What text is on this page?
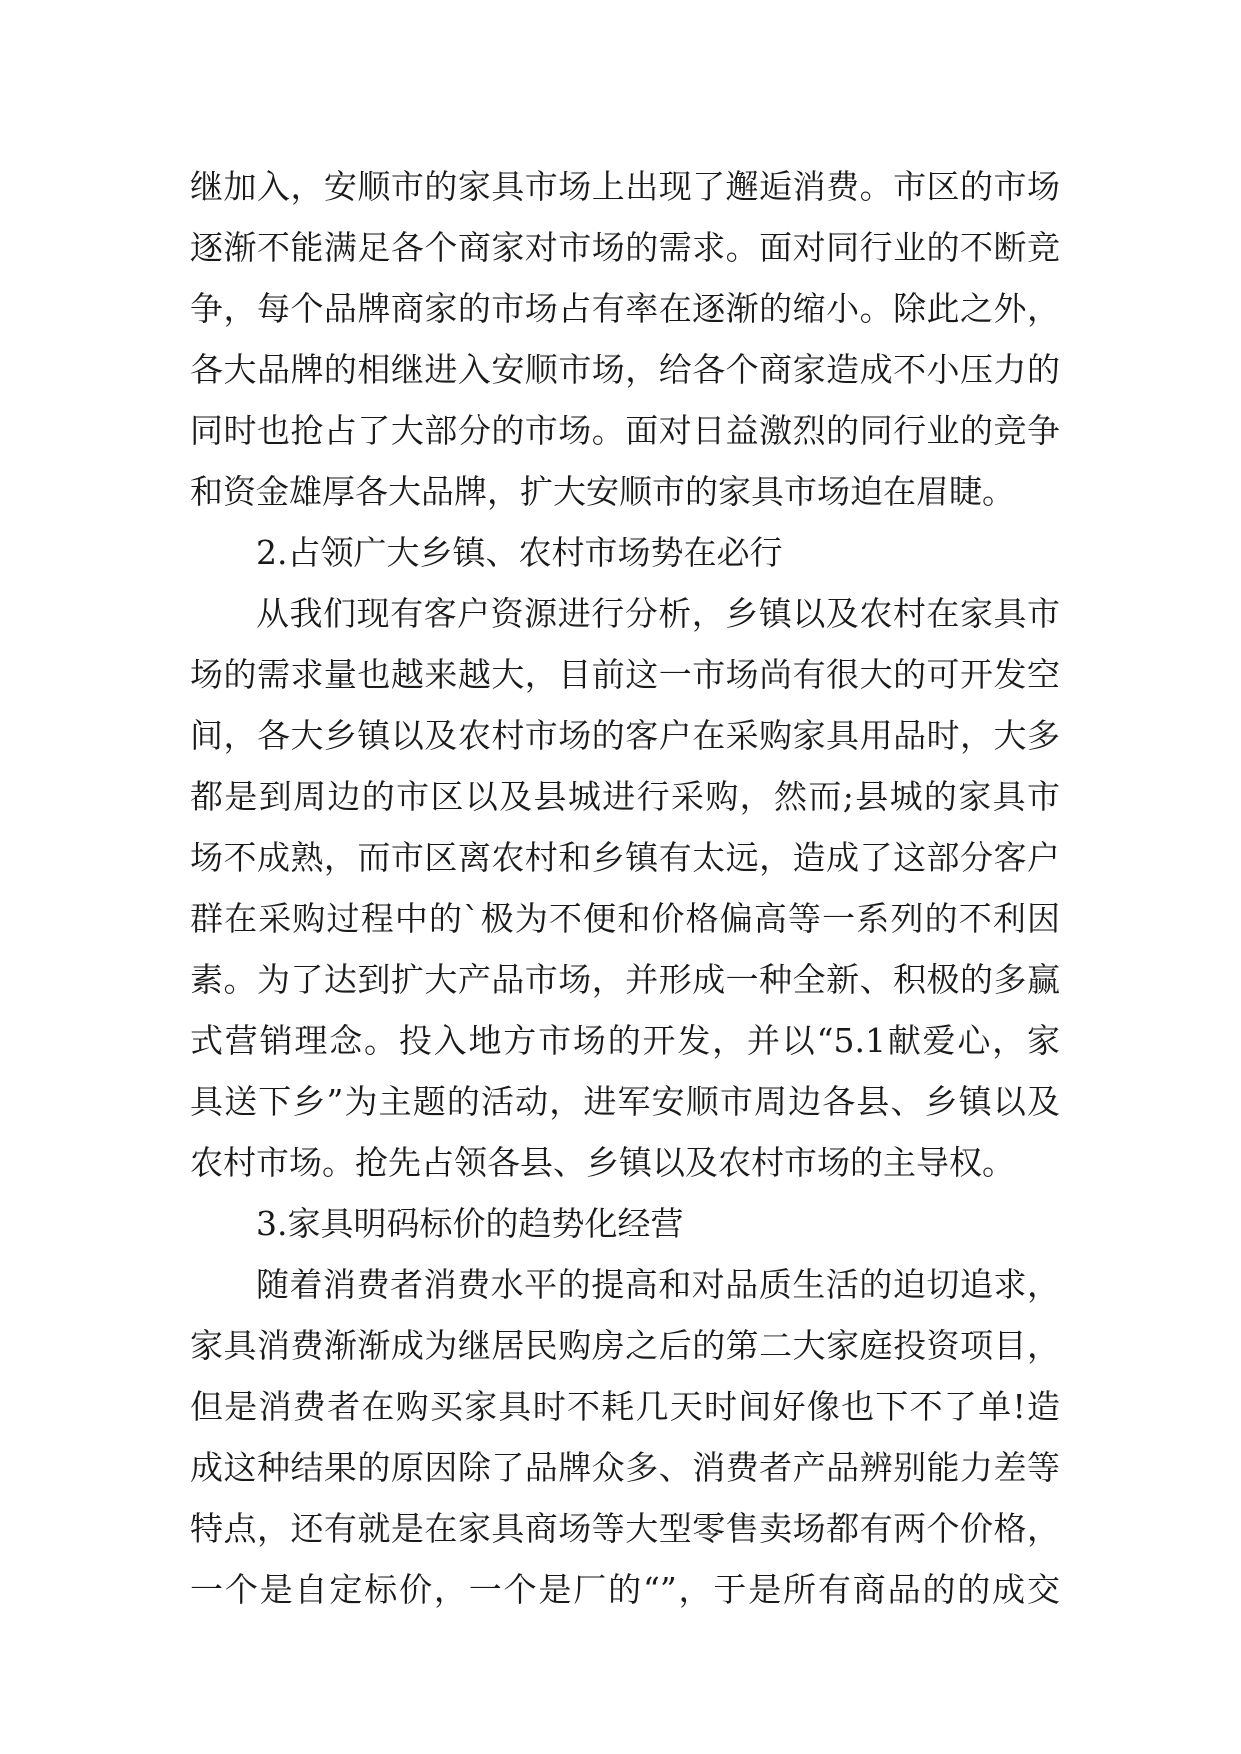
继加入，安顺市的家具市场上出现了邂逅消费。市区的市场
逐渐不能满足各个商家对市场的需求。面对同行业的不断竞
争，每个品牌商家的市场占有率在逐渐的缩小。除此之外，
各大品牌的相继进入安顺市场，给各个商家造成不小压力的
同时也抢占了大部分的市场。面对日益激烈的同行业的竞争
和资金雄厚各大品牌，扩大安顺市的家具市场迫在眉睫。
2.占领广大乡镇、农村市场势在必行
从我们现有客户资源进行分析，乡镇以及农村在家具市
场的需求量也越来越大，目前这一市场尚有很大的可开发空
间，各大乡镇以及农村市场的客户在采购家具用品时，大多
都是到周边的市区以及县城进行采购，然而;县城的家具市
场不成熟，而市区离农村和乡镇有太远，造成了这部分客户
群在采购过程中的`极为不便和价格偏高等一系列的不利因
素。为了达到扩大产品市场，并形成一种全新、积极的多赢
式营销理念。投入地方市场的开发，并以“5.1献爱心，家
具送下乡”为主题的活动，进军安顺市周边各县、乡镇以及
农村市场。抢先占领各县、乡镇以及农村市场的主导权。
3.家具明码标价的趋势化经营
随着消费者消费水平的提高和对品质生活的迫切追求，
家具消费渐渐成为继居民购房之后的第二大家庭投资项目，
但是消费者在购买家具时不耗几天时间好像也下不了单!造
成这种结果的原因除了品牌众多、消费者产品辨别能力差等
特点，还有就是在家具商场等大型零售卖场都有两个价格，
一个是自定标价，一个是厂的“”，于是所有商品的的成交
